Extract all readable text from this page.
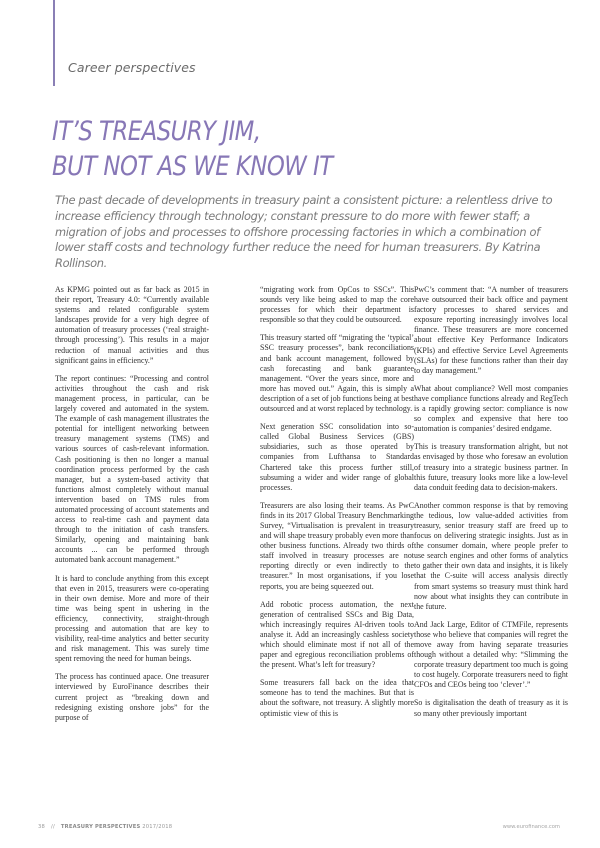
Career perspectives
IT’S TREASURY JIM,
BUT NOT AS WE KNOW IT

The past decade of developments in treasury paint a consistent picture: a relentless drive to increase efficiency through technology; constant pressure to do more with fewer staff; a migration of jobs and processes to offshore processing factories in which a combination of lower staff costs and technology further reduce the need for human treasurers. By Katrina Rollinson.

As KPMG pointed out as far back as 2015 in their report, Treasury 4.0: “Currently available systems and related configurable system landscapes provide for a very high degree of automation of treasury processes (‘real straight-through processing’). This results in a major reduction of manual activities and thus significant gains in efficiency.”

The report continues: “Processing and control activities throughout the cash and risk management process, in particular, can be largely covered and automated in the system. The example of cash management illustrates the potential for intelligent networking between treasury management systems (TMS) and various sources of cash-relevant information. Cash positioning is then no longer a manual coordination process performed by the cash manager, but a system-based activity that functions almost completely without manual intervention based on TMS rules from automated processing of account statements and access to real-time cash and payment data through to the initiation of cash transfers. Similarly, opening and maintaining bank accounts ... can be performed through automated bank account management.”

It is hard to conclude anything from this except that even in 2015, treasurers were co-operating in their own demise. More and more of their time was being spent in ushering in the efficiency, connectivity, straight-through processing and automation that are key to visibility, real-time analytics and better security and risk management. This was surely time spent removing the need for human beings.

The process has continued apace. One treasurer interviewed by EuroFinance describes their current project as “breaking down and redesigning existing onshore jobs” for the purpose of

“migrating work from OpCos to SSCs”. This sounds very like being asked to map the core processes for which their department is responsible so that they could be outsourced.

This treasury started off “migrating the ‘typical’ SSC treasury processes”, bank reconciliations and bank account management, followed by cash forecasting and bank guarantee management. “Over the years since, more and more has moved out.” Again, this is simply a description of a set of job functions being at best outsourced and at worst replaced by technology.

Next generation SSC consolidation into so-called Global Business Services (GBS) subsidiaries, such as those operated by companies from Lufthansa to Standard Chartered take this process further still, subsuming a wider and wider range of global processes.

Treasurers are also losing their teams. As PwC finds in its 2017 Global Treasury Benchmarking Survey, “Virtualisation is prevalent in treasury and will shape treasury probably even more than other business functions. Already two thirds of staff involved in treasury processes are not reporting directly or even indirectly to the treasurer.” In most organisations, if you lose reports, you are being squeezed out.

Add robotic process automation, the next generation of centralised SSCs and Big Data, which increasingly requires AI-driven tools to analyse it. Add an increasingly cashless society which should eliminate most if not all of the paper and egregious reconciliation problems of the present. What’s left for treasury?

Some treasurers fall back on the idea that someone has to tend the machines. But that is about the software, not treasury. A slightly more optimistic view of this is

PwC’s comment that: “A number of treasurers have outsourced their back office and payment factory processes to shared services and exposure reporting increasingly involves local finance. These treasurers are more concerned about effective Key Performance Indicators (KPIs) and effective Service Level Agreements (SLAs) for these functions rather than their day to day management.”

What about compliance? Well most companies have compliance functions already and RegTech is a rapidly growing sector: compliance is now so complex and expensive that here too automation is companies’ desired endgame.

This is treasury transformation alright, but not as envisaged by those who foresaw an evolution of treasury into a strategic business partner. In this future, treasury looks more like a low-level data conduit feeding data to decision-makers.

Another common response is that by removing the tedious, low value-added activities from treasury, senior treasury staff are freed up to focus on delivering strategic insights. Just as in the consumer domain, where people prefer to use search engines and other forms of analytics to gather their own data and insights, it is likely that the C-suite will access analysis directly from smart systems so treasury must think hard now about what insights they can contribute in the future.

And Jack Large, Editor of CTMFile, represents those who believe that companies will regret the move away from having separate treasuries though without a detailed why: “Slimming the corporate treasury department too much is going to cost hugely. Corporate treasurers need to fight CFOs and CEOs being too ‘clever’.”

So is digitalisation the death of treasury as it is so many other previously important

38 // TREASURY PERSPECTIVES 2017/2018	www.eurofinance.com
